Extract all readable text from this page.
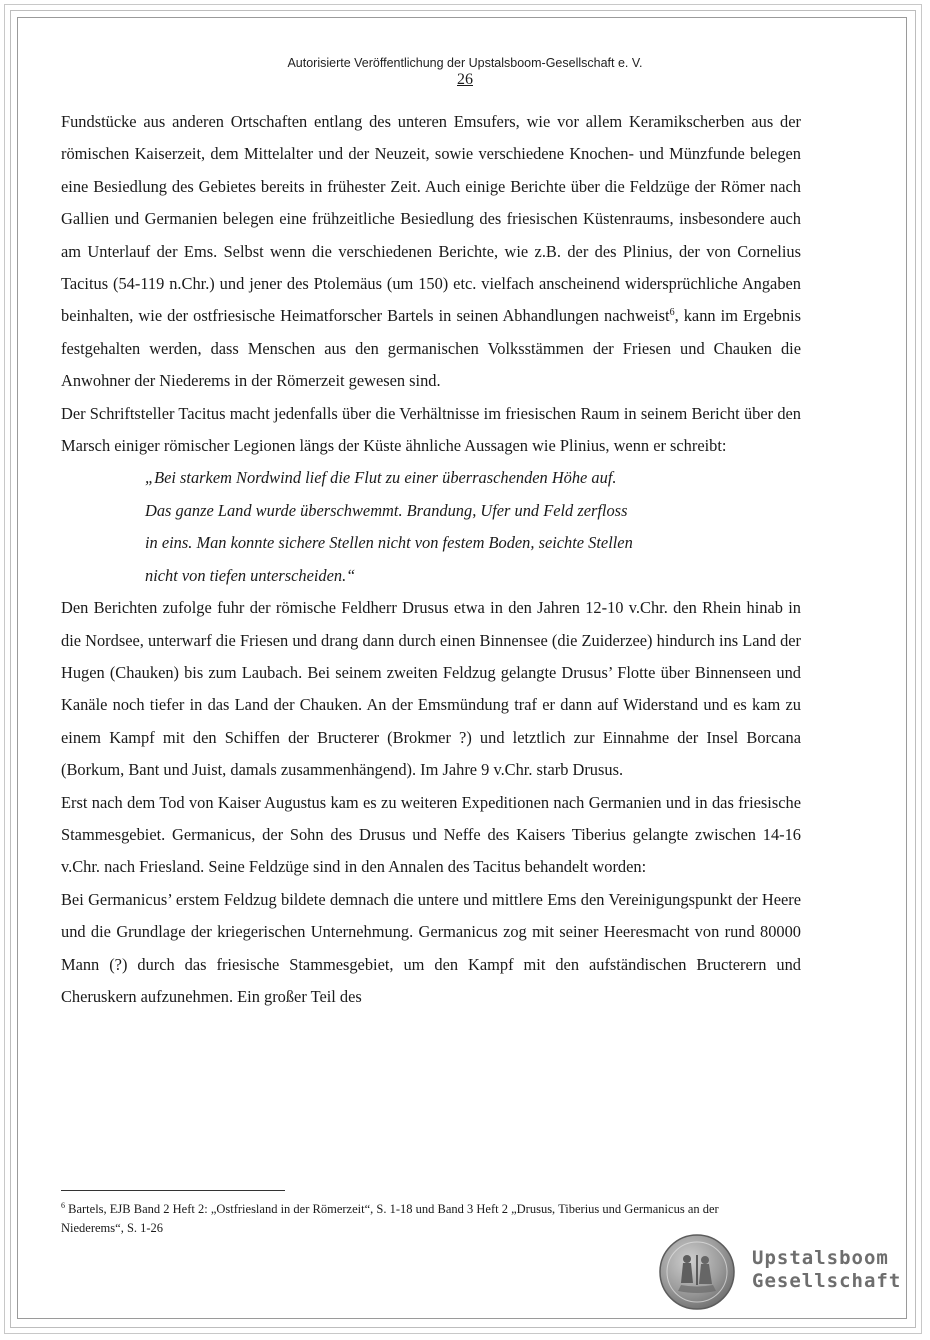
Autorisierte Veröffentlichung der Upstalsboom-Gesellschaft e. V.
26

Fundstücke aus anderen Ortschaften entlang des unteren Emsufers, wie vor allem Keramikscherben aus der römischen Kaiserzeit, dem Mittelalter und der Neuzeit, sowie verschiedene Knochen- und Münzfunde belegen eine Besiedlung des Gebietes bereits in frühester Zeit. Auch einige Berichte über die Feldzüge der Römer nach Gallien und Germanien belegen eine frühzeitliche Besiedlung des friesischen Küstenraums, insbesondere auch am Unterlauf der Ems. Selbst wenn die verschiedenen Berichte, wie z.B. der des Plinius, der von Cornelius Tacitus (54-119 n.Chr.) und jener des Ptolemäus (um 150) etc. vielfach anscheinend widersprüchliche Angaben beinhalten, wie der ostfriesische Heimatforscher Bartels in seinen Abhandlungen nachweist$^6$, kann im Ergebnis festgehalten werden, dass Menschen aus den germanischen Volksstämmen der Friesen und Chauken die Anwohner der Niederems in der Römerzeit gewesen sind.

Der Schriftsteller Tacitus macht jedenfalls über die Verhältnisse im friesischen Raum in seinem Bericht über den Marsch einiger römischer Legionen längs der Küste ähnliche Aussagen wie Plinius, wenn er schreibt:

„Bei starkem Nordwind lief die Flut zu einer überraschenden Höhe auf.

Das ganze Land wurde überschwemmt. Brandung, Ufer und Feld zerfloss

in eins. Man konnte sichere Stellen nicht von festem Boden, seichte Stellen

nicht von tiefen unterscheiden.“

Den Berichten zufolge fuhr der römische Feldherr Drusus etwa in den Jahren 12-10 v.Chr. den Rhein hinab in die Nordsee, unterwarf die Friesen und drang dann durch einen Binnensee (die Zuiderzee) hindurch ins Land der Hugen (Chauken) bis zum Laubach. Bei seinem zweiten Feldzug gelangte Drusus’ Flotte über Binnenseen und Kanäle noch tiefer in das Land der Chauken. An der Emsmündung traf er dann auf Widerstand und es kam zu einem Kampf mit den Schiffen der Bructerer (Brokmer ?) und letztlich zur Einnahme der Insel Borcana (Borkum, Bant und Juist, damals zusammenhängend). Im Jahre 9 v.Chr. starb Drusus.

Erst nach dem Tod von Kaiser Augustus kam es zu weiteren Expeditionen nach Germanien und in das friesische Stammesgebiet. Germanicus, der Sohn des Drusus und Neffe des Kaisers Tiberius gelangte zwischen 14-16 v.Chr. nach Friesland. Seine Feldzüge sind in den Annalen des Tacitus behandelt worden:

Bei Germanicus’ erstem Feldzug bildete demnach die untere und mittlere Ems den Vereinigungspunkt der Heere und die Grundlage der kriegerischen Unternehmung. Germanicus zog mit seiner Heeresmacht von rund 80000 Mann (?) durch das friesische Stammesgebiet, um den Kampf mit den aufständischen Bructerern und Cheruskern aufzunehmen. Ein großer Teil des

$^6$ Bartels, EJB Band 2 Heft 2: „Ostfriesland in der Römerzeit“, S. 1-18 und Band 3 Heft 2 „Drusus, Tiberius und Germanicus an der Niederems“, S. 1-26
Upstalsboom
Gesellschaft
